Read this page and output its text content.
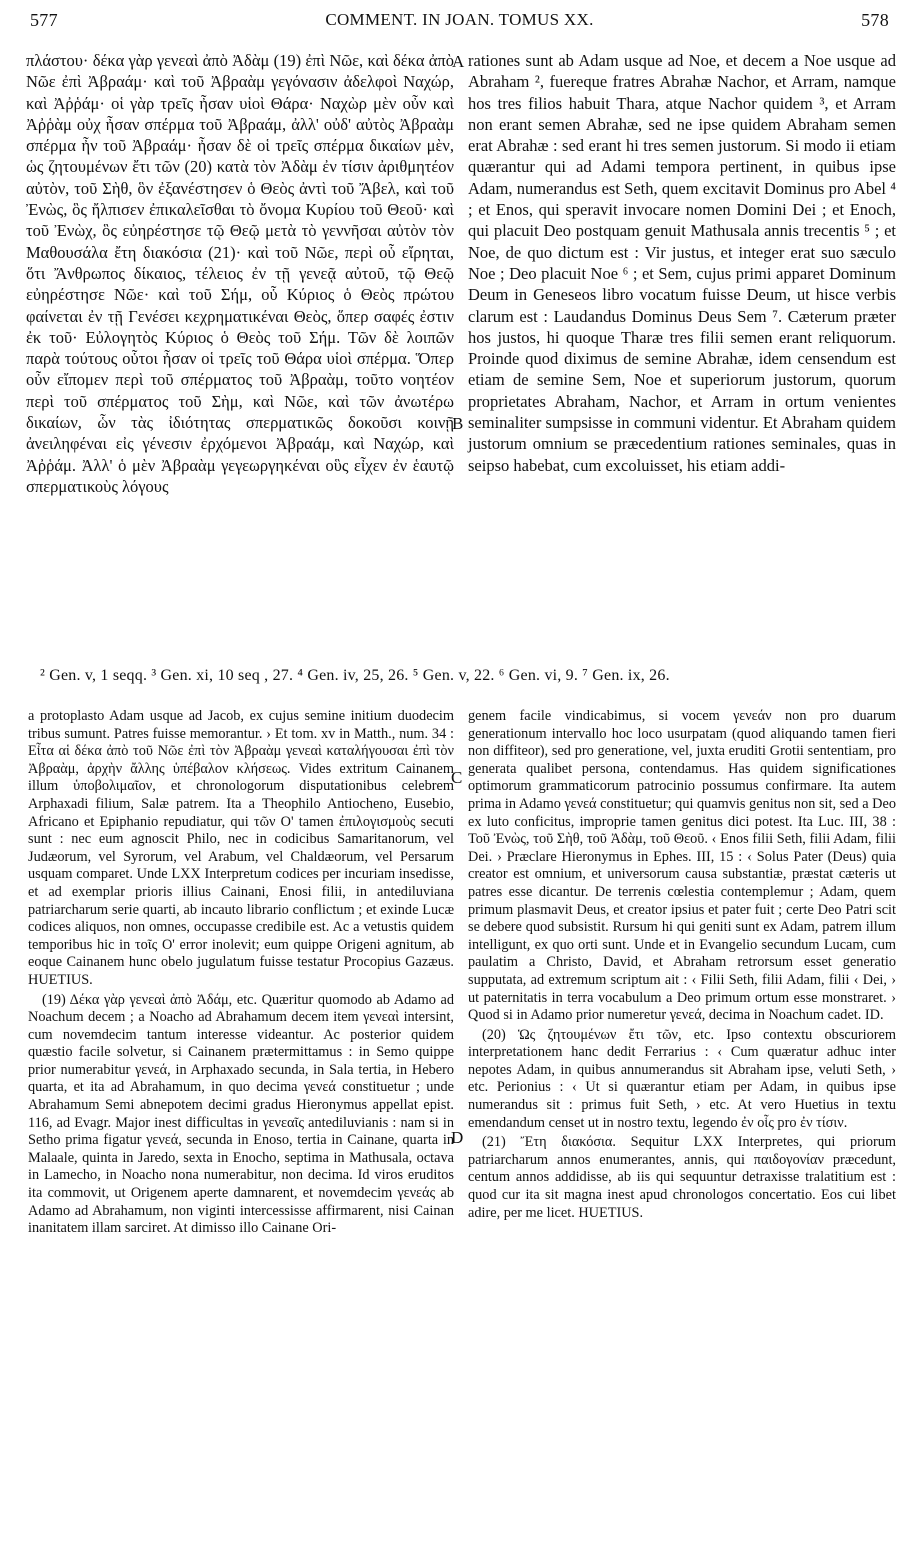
577	COMMENT. IN JOAN. TOMUS XX.	578

πλάστου· δέκα γὰρ γενεαὶ ἀπὸ Ἀδὰμ (19) ἐπὶ Νῶε, καὶ δέκα ἀπὸ Νῶε ἐπὶ Ἀβραάμ· καὶ τοῦ Ἀβραὰμ γεγόνασιν ἀδελφοὶ Ναχώρ, καὶ Ἀῤῥάμ· οἱ γὰρ τρεῖς ἦσαν υἱοὶ Θάρα· Ναχὼρ μὲν οὖν καὶ Ἀῤῥὰμ οὐχ ἦσαν σπέρμα τοῦ Ἀβραάμ, ἀλλ' οὐδ' αὐτὸς Ἀβραὰμ σπέρμα ἦν τοῦ Ἀβραάμ· ἦσαν δὲ οἱ τρεῖς σπέρμα δικαίων μὲν, ὡς ζητουμένων ἔτι τῶν (20) κατὰ τὸν Ἀδὰμ ἐν τίσιν ἀριθμητέον αὐτὸν, τοῦ Σὴθ, ὃν ἐξανέστησεν ὁ Θεὸς ἀντὶ τοῦ Ἄβελ, καὶ τοῦ Ἐνὼς, ὃς ἤλπισεν ἐπικαλεῖσθαι τὸ ὄνομα Κυρίου τοῦ Θεοῦ· καὶ τοῦ Ἐνὼχ, ὃς εὐηρέστησε τῷ Θεῷ μετὰ τὸ γεννῆσαι αὐτὸν τὸν Μαθουσάλα ἔτη διακόσια (21)· καὶ τοῦ Νῶε, περὶ οὗ εἴρηται, ὅτι Ἄνθρωπος δίκαιος, τέλειος ἐν τῇ γενεᾷ αὐτοῦ, τῷ Θεῷ εὐηρέστησε Νῶε· καὶ τοῦ Σήμ, οὗ Κύριος ὁ Θεὸς πρώτου φαίνεται ἐν τῇ Γενέσει κεχρηματικέναι Θεὸς, ὅπερ σαφές ἐστιν ἐκ τοῦ· Εὐλογητὸς Κύριος ὁ Θεὸς τοῦ Σήμ. Τῶν δὲ λοιπῶν παρὰ τούτους οὗτοι ἦσαν οἱ τρεῖς τοῦ Θάρα υἱοὶ σπέρμα. Ὅπερ οὖν εἴπομεν περὶ τοῦ σπέρματος τοῦ Ἀβραὰμ, τοῦτο νοητέον περὶ τοῦ σπέρματος τοῦ Σὴμ, καὶ Νῶε, καὶ τῶν ἀνωτέρω δικαίων, ὧν τὰς ἰδιότητας σπερματικῶς δοκοῦσι κοινῇ ἀνειληφέναι εἰς γένεσιν ἐρχόμενοι Ἀβραάμ, καὶ Ναχώρ, καὶ Ἀῤῥάμ. Ἀλλ' ὁ μὲν Ἀβραὰμ γεγεωργηκέναι οὓς εἶχεν ἐν ἑαυτῷ σπερματικοὺς λόγους

rationes sunt ab Adam usque ad Noe, et decem a Noe usque ad Abraham ², fuereque fratres Abrahæ Nachor, et Arram, namque hos tres filios habuit Thara, atque Nachor quidem ³, et Arram non erant semen Abrahæ, sed ne ipse quidem Abraham semen erat Abrahæ : sed erant hi tres semen justorum. Si modo ii etiam quærantur qui ad Adami tempora pertinent, in quibus ipse Adam, numerandus est Seth, quem excitavit Dominus pro Abel ⁴ ; et Enos, qui speravit invocare nomen Domini Dei ; et Enoch, qui placuit Deo postquam genuit Mathusala annis trecentis ⁵ ; et Noe, de quo dictum est : Vir justus, et integer erat suo sæculo Noe ; Deo placuit Noe ⁶ ; et Sem, cujus primi apparet Dominum Deum in Geneseos libro vocatum fuisse Deum, ut hisce verbis clarum est : Laudandus Dominus Deus Sem ⁷. Cæterum præter hos justos, hi quoque Tharæ tres filii semen erant reliquorum. Proinde quod diximus de semine Abrahæ, idem censendum est etiam de semine Sem, Noe et superiorum justorum, quorum proprietates Abraham, Nachor, et Arram in ortum venientes seminaliter sumpsisse in communi videntur. Et Abraham quidem justorum omnium se præcedentium rationes seminales, quas in seipso habebat, cum excoluisset, his etiam addi-

A
B
C
D
² Gen. v, 1 seqq. ³ Gen. xi, 10 seq , 27. ⁴ Gen. iv, 25, 26. ⁵ Gen. v, 22. ⁶ Gen. vi, 9. ⁷ Gen. ix, 26.

a protoplasto Adam usque ad Jacob, ex cujus semine initium duodecim tribus sumunt. Patres fuisse memorantur. › Et tom. xv in Matth., num. 34 : Εἶτα αἱ δέκα ἀπὸ τοῦ Νῶε ἐπὶ τὸν Ἀβραὰμ γενεαὶ καταλήγουσαι ἐπὶ τὸν Ἀβραὰμ, ἀρχὴν ἄλλης ὑπέβαλον κλήσεως. Vides extritum Cainanem illum ὑποβολιμαῖον, et chronologorum disputationibus celebrem Arphaxadi filium, Salæ patrem. Ita a Theophilo Antiocheno, Eusebio, Africano et Epiphanio repudiatur, qui τῶν Ο' tamen ἐπιλογισμοὺς secuti sunt : nec eum agnoscit Philo, nec in codicibus Samaritanorum, vel Judæorum, vel Syrorum, vel Arabum, vel Chaldæorum, vel Persarum usquam comparet. Unde LXX Interpretum codices per incuriam insedisse, et ad exemplar prioris illius Cainani, Enosi filii, in antediluviana patriarcharum serie quarti, ab incauto librario conflictum ; et exinde Lucæ codices aliquos, non omnes, occupasse credibile est. Ac a vetustis quidem temporibus hic in τοῖς Ο' error inolevit; eum quippe Origeni agnitum, ab eoque Cainanem hunc obelo jugulatum fuisse testatur Procopius Gazæus. HUETIUS.

(19) Δέκα γὰρ γενεαὶ ἀπὸ Ἀδάμ, etc. Quæritur quomodo ab Adamo ad Noachum decem ; a Noacho ad Abrahamum decem item γενεαὶ intersint, cum novemdecim tantum interesse videantur. Ac posterior quidem quæstio facile solvetur, si Cainanem prætermittamus : in Semo quippe prior numerabitur γενεά, in Arphaxado secunda, in Sala tertia, in Hebero quarta, et ita ad Abrahamum, in quo decima γενεά constituetur ; unde Abrahamum Semi abnepotem decimi gradus Hieronymus appellat epist. 116, ad Evagr. Major inest difficultas in γενεαῖς antediluvianis : nam si in Setho prima figatur γενεά, secunda in Enoso, tertia in Cainane, quarta in Malaale, quinta in Jaredo, sexta in Enocho, septima in Mathusala, octava in Lamecho, in Noacho nona numerabitur, non decima. Id viros eruditos ita commovit, ut Origenem aperte damnarent, et novemdecim γενεάς ab Adamo ad Abrahamum, non viginti intercessisse affirmarent, nisi Cainan inanitatem illam sarciret. At dimisso illo Cainane Ori-

genem facile vindicabimus, si vocem γενεάν non pro duarum generationum intervallo hoc loco usurpatam (quod aliquando tamen fieri non diffiteor), sed pro generatione, vel, juxta eruditi Grotii sententiam, pro generata qualibet persona, contendamus. Has quidem significationes optimorum grammaticorum patrocinio possumus confirmare. Ita autem prima in Adamo γενεά constituetur; qui quamvis genitus non sit, sed a Deo ex luto conficitus, improprie tamen genitus dici potest. Ita Luc. III, 38 : Τοῦ Ἐνὼς, τοῦ Σὴθ, τοῦ Ἀδὰμ, τοῦ Θεοῦ. ‹ Enos filii Seth, filii Adam, filii Dei. › Præclare Hieronymus in Ephes. III, 15 : ‹ Solus Pater (Deus) quia creator est omnium, et universorum causa substantiæ, præstat cæteris ut patres esse dicantur. De terrenis cœlestia contemplemur ; Adam, quem primum plasmavit Deus, et creator ipsius et pater fuit ; certe Deo Patri scit se debere quod subsistit. Rursum hi qui geniti sunt ex Adam, patrem illum intelligunt, ex quo orti sunt. Unde et in Evangelio secundum Lucam, cum paulatim a Christo, David, et Abraham retrorsum esset generatio supputata, ad extremum scriptum ait : ‹ Filii Seth, filii Adam, filii ‹ Dei, › ut paternitatis in terra vocabulum a Deo primum ortum esse monstraret. › Quod si in Adamo prior numeretur γενεά, decima in Noachum cadet. ID.

(20) Ὡς ζητουμένων ἔτι τῶν, etc. Ipso contextu obscuriorem interpretationem hanc dedit Ferrarius : ‹ Cum quæratur adhuc inter nepotes Adam, in quibus annumerandus sit Abraham ipse, veluti Seth, › etc. Perionius : ‹ Ut si quærantur etiam per Adam, in quibus ipse numerandus sit : primus fuit Seth, › etc. At vero Huetius in textu emendandum censet ut in nostro textu, legendo ἐν οἷς pro ἐν τίσιν.

(21) Ἔτη διακόσια. Sequitur LXX Interpretes, qui priorum patriarcharum annos enumerantes, annis, qui παιδογονίαν præcedunt, centum annos addidisse, ab iis qui sequuntur detraxisse tralatitium est : quod cur ita sit magna inest apud chronologos concertatio. Eos cui libet adire, per me licet. HUETIUS.
